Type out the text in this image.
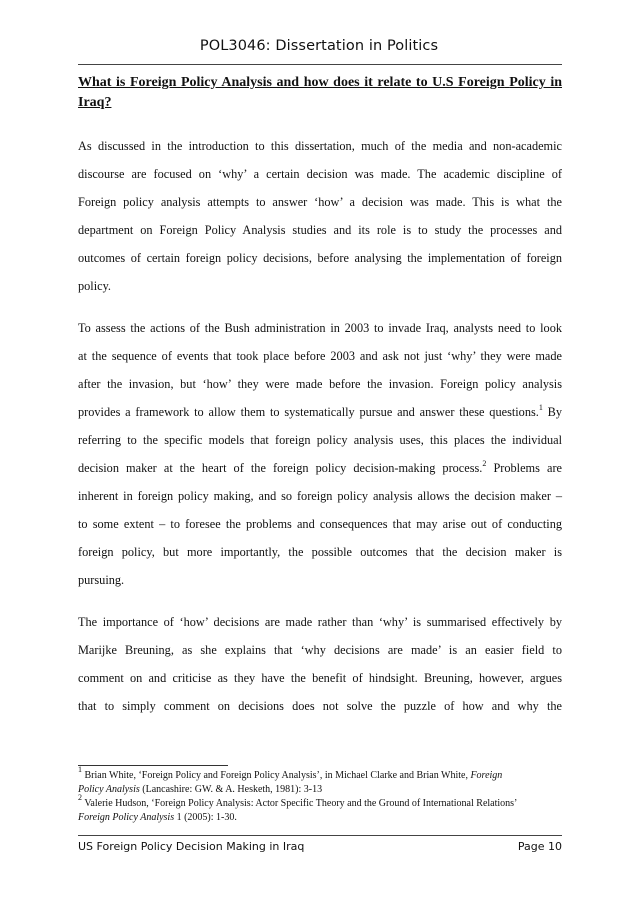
POL3046: Dissertation in Politics
What is Foreign Policy Analysis and how does it relate to U.S Foreign Policy in Iraq?
As discussed in the introduction to this dissertation, much of the media and non-academic
discourse are focused on ‘why’ a certain decision was made. The academic discipline of
Foreign policy analysis attempts to answer ‘how’ a decision was made. This is what the
department on Foreign Policy Analysis studies and its role is to study the processes and
outcomes of certain foreign policy decisions, before analysing the implementation of foreign
policy.
To assess the actions of the Bush administration in 2003 to invade Iraq, analysts need to look
at the sequence of events that took place before 2003 and ask not just ‘why’ they were made
after the invasion, but ‘how’ they were made before the invasion. Foreign policy analysis
provides a framework to allow them to systematically pursue and answer these questions.$^1$ By
referring to the specific models that foreign policy analysis uses, this places the individual
decision maker at the heart of the foreign policy decision-making process.$^2$ Problems are
inherent in foreign policy making, and so foreign policy analysis allows the decision maker –
to some extent – to foresee the problems and consequences that may arise out of conducting
foreign policy, but more importantly, the possible outcomes that the decision maker is
pursuing.
The importance of ‘how’ decisions are made rather than ‘why’ is summarised effectively by
Marijke Breuning, as she explains that ‘why decisions are made’ is an easier field to
comment on and criticise as they have the benefit of hindsight. Breuning, however, argues
that to simply comment on decisions does not solve the puzzle of how and why the
$^1$ Brian White, ‘Foreign Policy and Foreign Policy Analysis’, in Michael Clarke and Brian White, Foreign
Policy Analysis (Lancashire: GW. & A. Hesketh, 1981): 3-13
$^2$ Valerie Hudson, ‘Foreign Policy Analysis: Actor Specific Theory and the Ground of International Relations’
Foreign Policy Analysis 1 (2005): 1-30.
US Foreign Policy Decision Making in Iraq	Page 10
